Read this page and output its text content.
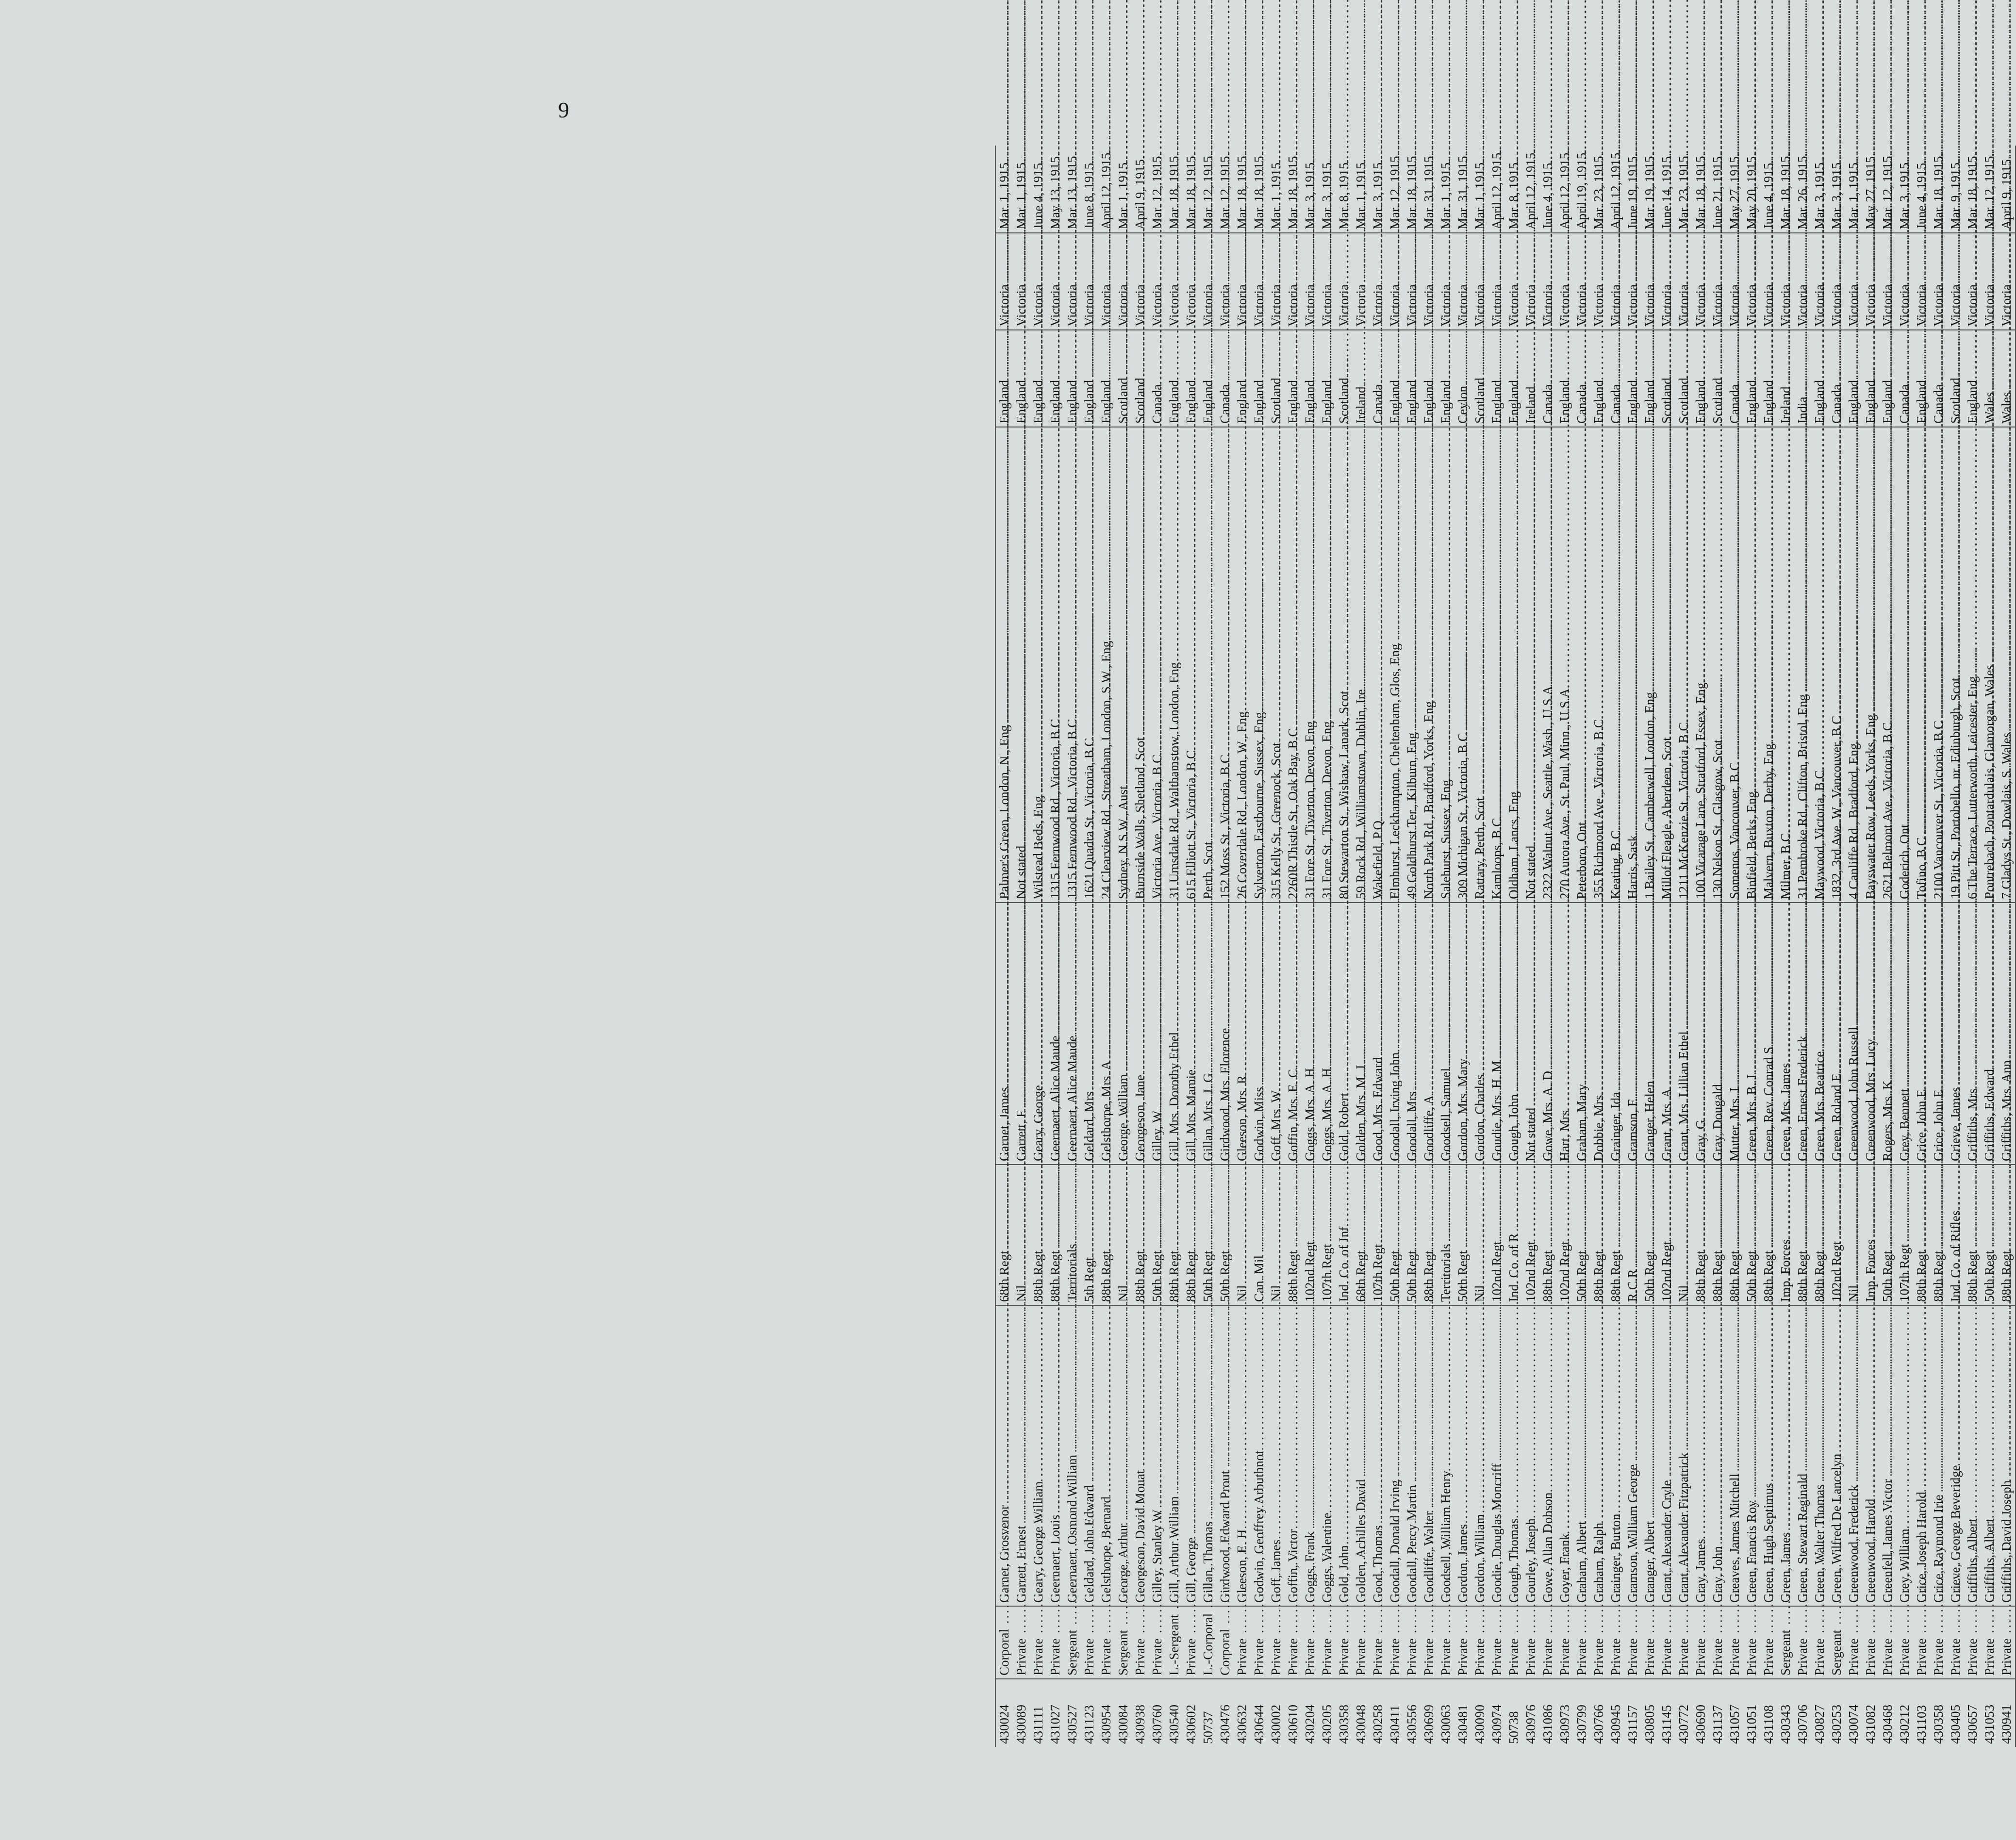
9
430024	Corporal .....	Garnet, Grosvenor .....	68th Regt .....	Garnet, James .....	Palmer's Green, London, N., Eng .....	England .....	Victoria .....	Mar. 1, 1915.
430089	Private .....	Garrett, Ernest .....	Nil .....	Garrett, F .....	Not stated .....	England .....	Victoria .....	Mar. 1, 1915.
431111	Private .....	Geary, George William .....	88th Regt .....	Geary, George .....	Wilstead Beds, Eng .....	England .....	Victoria .....	June 4, 1915.
431027	Private .....	Geernaert, Louis .....	88th Regt .....	Geernaert, Alice Maude .....	1315 Fernwood Rd., Victoria, B.C .....	England .....	Victoria .....	May 13, 1915.
430527	Sergeant .....	Geernaert, Osmond William .....	Territorials .....	Geernaert, Alice Maude .....	1315 Fernwood Rd., Victoria, B.C .....	England .....	Victoria .....	Mar. 13, 1915.
431123	Private .....	Geldard, John Edward .....	5th Regt .....	Geldard, Mrs .....	1621 Quadra St., Victoria, B.C .....	England .....	Victoria .....	June 8, 1915.
430954	Private .....	Gelsthorpe, Bernard .....	88th Regt .....	Gelsthorpe, Mrs. A .....	24 Clearview Rd., Streatham, London, S.W., Eng .....	England .....	Victoria .....	April 12, 1915.
430084	Sergeant .....	George, Arthur .....	Nil .....	George, William .....	Sydney, N.S.W., Aust .....	Scotland .....	Victoria .....	Mar. 1, 1915.
430938	Private .....	Georgeson, David Mouat .....	88th Regt .....	Georgeson, Jane .....	Burnside Walls, Shetland, Scot .....	Scotland .....	Victoria .....	April 9, 1915.
430760	Private .....	Gilley, Stanley W .....	50th Regt .....	Gilley, W .....	Victoria Ave., Victoria, B.C .....	Canada .....	Victoria .....	Mar. 12, 1915.
430540	L.-Sergeant .....	Gill, Arthur William .....	88th Regt .....	Gill, Mrs. Dorothy Ethel .....	31 Umsdale Rd., Walthamstow, London, Eng .....	England .....	Victoria .....	Mar. 18, 1915.
430602	Private .....	Gill, George .....	88th Regt .....	Gill, Mrs. Mamie .....	615 Elliott St., Victoria, B.C .....	England .....	Victoria .....	Mar. 18, 1915.
50737	L.-Corporal .....	Gillan, Thomas .....	50th Regt .....	Gillan, Mrs. J. G .....	Perth, Scot .....	England .....	Victoria .....	Mar. 12, 1915.
430476	Corporal .....	Girdwood, Edward Prout .....	50th Regt .....	Girdwood, Mrs. Florence .....	152 Moss St., Victoria, B.C .....	Canada .....	Victoria .....	Mar. 12, 1915.
430632	Private .....	Gleeson, E. H .....	Nil .....	Gleeson, Mrs. R .....	26 Coverdale Rd., London, W., Eng .....	England .....	Victoria .....	Mar. 18, 1915.
430644	Private .....	Godwin, Geoffrey Arbuthnot .....	Can. Mil .....	Godwin, Miss .....	Sylverton, Eastbourne, Sussex, Eng .....	England .....	Victoria .....	Mar. 18, 1915.
430002	Private .....	Goff, James .....	Nil .....	Goff, Mrs. W .....	315 Kelly St., Greenock, Scot .....	Scotland .....	Victoria .....	Mar. 1, 1915.
430610	Private .....	Goffin, Victor .....	88th Regt .....	Goffin, Mrs. E. C .....	2260R Thistle St., Oak Bay, B.C .....	England .....	Victoria .....	Mar. 18, 1915.
430204	Private .....	Goggs, Frank .....	102nd Regt .....	Goggs, Mrs. A. H .....	31 Fore St., Tiverton, Devon, Eng .....	England .....	Victoria .....	Mar. 3, 1915.
430205	Private .....	Goggs, Valentine .....	107th Regt .....	Goggs, Mrs. A. H .....	31 Fore St., Tiverton, Devon, Eng .....	England .....	Victoria .....	Mar. 3, 1915.
430358	Private .....	Gold, John .....	Ind. Co. of Inf .....	Gold, Robert .....	80 Stewarton St., Wishaw, Lanark, Scot .....	Scotland .....	Victoria .....	Mar. 8, 1915.
430048	Private .....	Golden, Achilles David .....	68th Regt .....	Golden, Mrs. M. J .....	59 Rock Rd., Williamstown, Dublin, Ire .....	Ireland .....	Victoria .....	Mar. 1, 1915.
430258	Private .....	Good, Thomas .....	107th Regt .....	Good, Mrs. Edward .....	Wakefield, P.Q .....	Canada .....	Victoria .....	Mar. 3, 1915.
430411	Private .....	Goodall, Donald Irving .....	50th Regt .....	Goodall, Irving John .....	Elmhurst, Leckhampton, Cheltenham, Glos, Eng .....	England .....	Victoria .....	Mar. 12, 1915.
430556	Private .....	Goodall, Percy Martin .....	50th Regt .....	Goodall, Mrs .....	49 Goldhurst Ter., Kilburn, Eng .....	England .....	Victoria .....	Mar. 18, 1915.
430699	Private .....	Goodliffe, Walter .....	88th Regt .....	Goodliffe, A .....	North Park Rd., Bradford, Yorks, Eng .....	England .....	Victoria .....	Mar. 31, 1915.
430063	Private .....	Goodsell, William Henry .....	Territorials .....	Goodsell, Samuel .....	Salehurst, Sussex, Eng .....	England .....	Victoria .....	Mar. 1, 1915.
430481	Private .....	Gordon, James .....	50th Regt .....	Gordon, Mrs. Mary .....	309 Michigan St., Victoria, B.C .....	Ceylon .....	Victoria .....	Mar. 31, 1915.
430090	Private .....	Gordon, William .....	Nil .....	Gordon, Charles .....	Rattary, Perth, Scot .....	Scotland .....	Victoria .....	Mar. 1, 1915.
430974	Private .....	Goodie, Douglas Moncriff .....	102nd Regt .....	Goudie, Mrs. H. M .....	Kamloops, B.C .....	England .....	Victoria .....	April 12, 1915.
50738	Private .....	Gough, Thomas .....	Ind. Co. of R .....	Gough, John .....	Oldham, Lancs, Eng .....	England .....	Victoria .....	Mar. 8, 1915.
430976	Private .....	Gourley, Joseph .....	102nd Regt .....	Not stated .....	Not stated .....	Ireland .....	Victoria .....	April 12, 1915.
431086	Private .....	Gowe, Allan Dobson .....	88th Regt .....	Gowe, Mrs. A. D .....	2322 Walnut Ave., Seattle, Wash., U.S.A .....	Canada .....	Victoria .....	June 4, 1915.
430973	Private .....	Goyer, Frank .....	102nd Regt .....	Hart, Mrs .....	270 Aurora Ave., St. Paul, Minn., U.S.A .....	England .....	Victoria .....	April 12, 1915.
430799	Private .....	Graham, Albert .....	50th Regt .....	Graham, Mary .....	Peterboro, Ont .....	Canada .....	Victoria .....	April 19, 1915.
430766	Private .....	Graham, Ralph .....	88th Regt .....	Dobbie, Mrs .....	355 Richmond Ave., Victoria, B.C .....	England .....	Victoria .....	Mar. 23, 1915.
430945	Private .....	Grainger, Burton .....	88th Regt .....	Grainger, Ida .....	Keating, B.C .....	Canada .....	Victoria .....	April 12, 1915.
431157	Private .....	Gramson, William George .....	R.C.R .....	Gramson, F .....	Harris, Sask .....	England .....	Victoria .....	June 19, 1915.
430805	Private .....	Granger, Albert .....	50th Regt .....	Granger, Helen .....	1 Bailey St., Camberwell, London, Eng .....	England .....	Victoria .....	Mar. 19, 1915.
431145	Private .....	Grant, Alexander Cryle .....	102nd Regt .....	Grant, Mrs. A .....	Millof Fleagle, Aberdeen, Scot .....	Scotland .....	Victoria .....	June 14, 1915.
430772	Private .....	Grant, Alexander Fitzpatrick .....	Nil .....	Grant, Mrs. Lillian Ethel .....	1211 McKenzie St., Victoria, B.C .....	Scotland .....	Victoria .....	Mar. 23, 1915.
430690	Private .....	Gray, James .....	88th Regt .....	Gray, G .....	100 Vicarage Lane, Stratford, Essex, Eng .....	England .....	Victoria .....	Mar. 18, 1915.
431137	Private .....	Gray, John .....	88th Regt .....	Gray, Dougald .....	130 Nelson St., Glasgow, Scot .....	Scotland .....	Victoria .....	June 21, 1915.
431057	Private .....	Greaves, James Mitchell .....	88th Regt .....	Mutter, Mrs. I .....	Somenos, Vancouver, B.C .....	Canada .....	Victoria .....	May 27, 1915.
431051	Private .....	Green, Francis Roy .....	50th Regt .....	Green, Mrs. B. J .....	Binfield, Berks, Eng .....	England .....	Victoria .....	May 20, 1915.
431108	Private .....	Green, Hugh Septimus .....	88th Regt .....	Green, Rev. Conrad S .....	Malvern, Buxton, Derby, Eng .....	England .....	Victoria .....	June 4, 1915.
430343	Sergeant .....	Green, James .....	Imp. Forces .....	Green, Mrs. James .....	Milmer, B.C .....	Ireland .....	Victoria .....	Mar. 18, 1915.
430706	Private .....	Green, Stewart Reginald .....	88th Regt .....	Green, Ernest Frederick .....	31 Pembroke Rd., Clifton, Bristol, Eng .....	India .....	Victoria .....	Mar. 26, 1915.
430827	Private .....	Green, Walter Thomas .....	88th Regt .....	Green, Mrs. Beatrice .....	Maywood, Victoria, B.C .....	England .....	Victoria .....	Mar. 3, 1915.
430253	Sergeant .....	Green, Wilfred De Lancelyn .....	102nd Regt .....	Green, Roland E .....	1832, 3rd Ave. W., Vancouver, B.C .....	Canada .....	Victoria .....	Mar. 3, 1915.
430074	Private .....	Greenwood, Frederick .....	Nil .....	Greenwood, John Russell .....	4 Canliffe Rd., Bradford, Eng .....	England .....	Victoria .....	Mar. 1, 1915.
431082	Private .....	Greenwood, Harold .....	Imp. Forces .....	Greenwood, Mrs. Lucy .....	Bayswater Row, Leeds, Yorks, Eng .....	England .....	Victoria .....	May 27, 1915.
430468	Private .....	Greenfell, James Victor .....	50th Regt .....	Rogers, Mrs. K .....	2621 Belmont Ave., Victoria, B.C .....	England .....	Victoria .....	Mar. 12, 1915.
430212	Private .....	Grey, William .....	107th Regt .....	Grey, Bennett .....	Goderich, Ont .....	Canada .....	Victoria .....	Mar. 3, 1915.
431103	Private .....	Grice, Joseph Harold .....	88th Regt .....	Grice, John E .....	Tofino, B.C .....	England .....	Victoria .....	June 4, 1915.
430358	Private .....	Grice, Raymond Irie .....	88th Regt .....	Grice, John E .....	2100 Vancouver St., Victoria, B.C .....	Canada .....	Victoria .....	Mar. 18, 1915.
430405	Private .....	Grieve, George Beveridge .....	Ind. Co. of Rifles .....	Grieve, James .....	19 Pitt St., Portobello, nr. Edinburgh, Scot .....	Scotland .....	Victoria .....	Mar. 9, 1915.
430657	Private .....	Griffiths, Albert .....	88th Regt .....	Griffiths, Mrs .....	6 The Terrace, Lutterworth, Leicester, Eng .....	England .....	Victoria .....	Mar. 18, 1915.
431053	Private .....	Griffiths, Albert .....	50th Regt .....	Griffiths, Edward .....	Pontrebach, Pontardulais, Glamorgan, Wales .....	Wales .....	Victoria .....	Mar. 12, 1915.
430941	Private .....	Griffiths, David Joseph .....	88th Regt .....	Griffiths, Mrs. Ann .....	7 Gladys St., Dowlais, S. Wales .....	Wales .....	Victoria .....	April 9, 1915.
